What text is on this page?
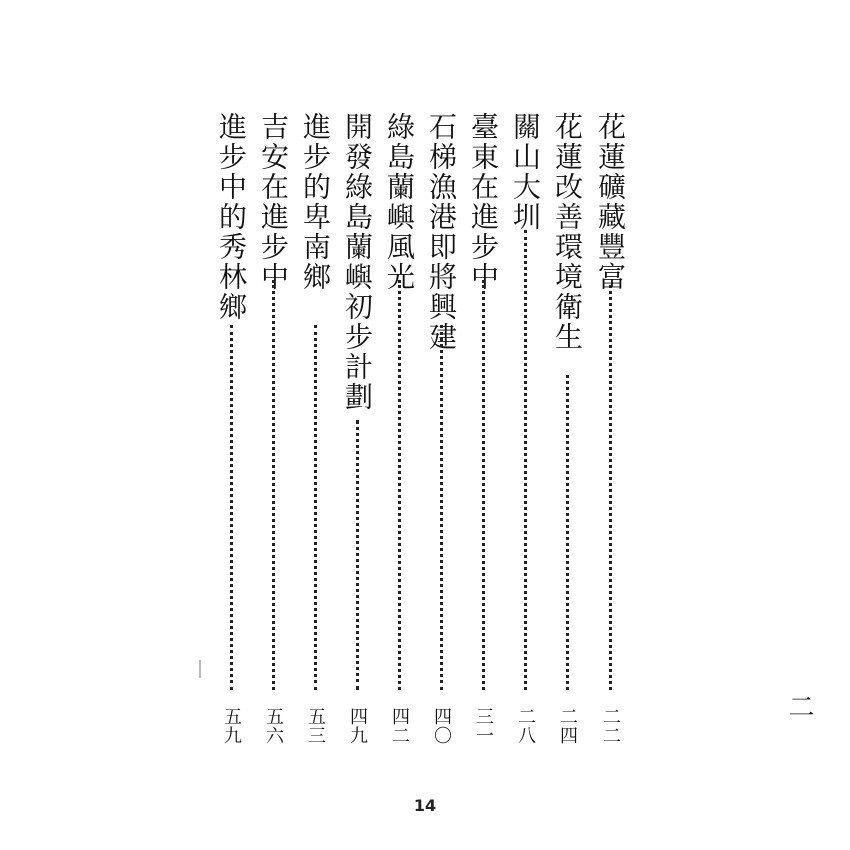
花蓮礦藏豐富
二二
花蓮改善環境衛生
二四
關山大圳
二八
臺東在進步中
三一
石梯漁港即將興建
四〇
綠島蘭嶼風光
四二
開發綠島蘭嶼初步計劃
四九
進步的卑南鄉
五三
吉安在進步中
五六
進步中的秀林鄉
五九
二
14
